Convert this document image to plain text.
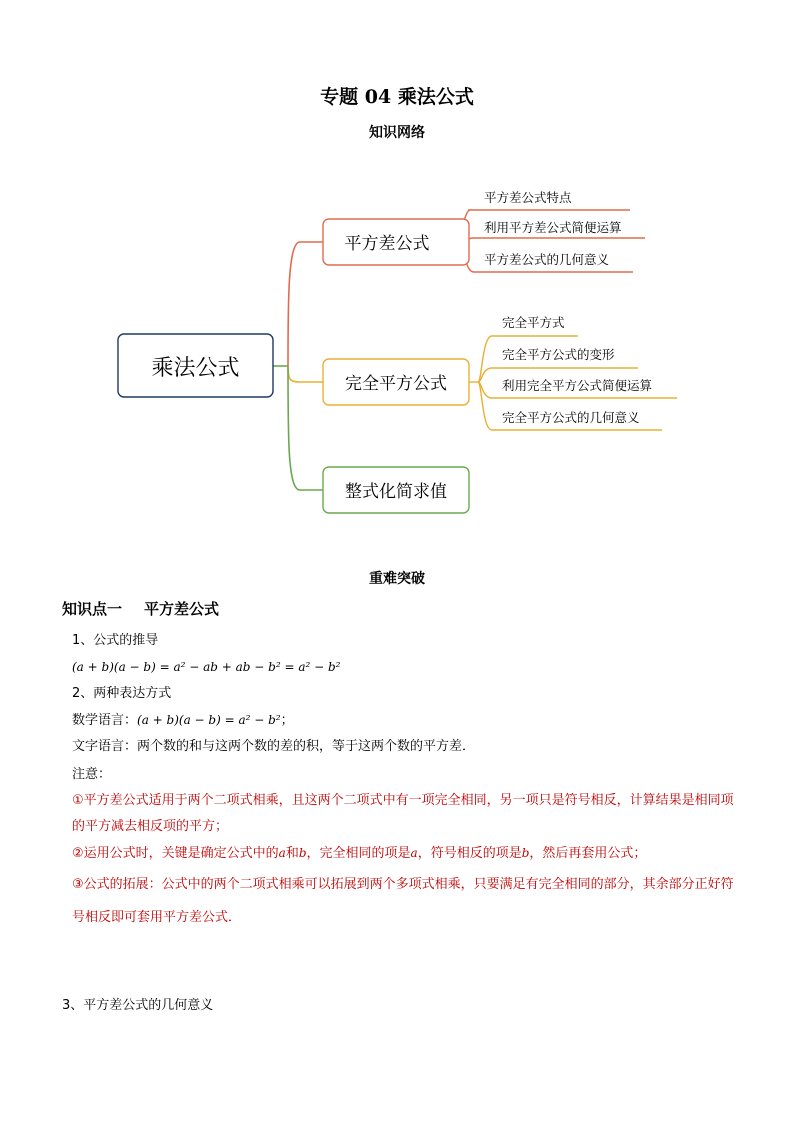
专题 04 乘法公式
知识网络
乘法公式
平方差公式
完全平方公式
整式化简求值
平方差公式特点
利用平方差公式简便运算
平方差公式的几何意义
完全平方式
完全平方公式的变形
利用完全平方公式简便运算
完全平方公式的几何意义
重难突破
知识点一 平方差公式
1、公式的推导
(a + b)(a − b) = a² − ab + ab − b² = a² − b²
2、两种表达方式
数学语言：(a + b)(a − b) = a² − b²；
文字语言：两个数的和与这两个数的差的积，等于这两个数的平方差．
注意：
①平方差公式适用于两个二项式相乘，且这两个二项式中有一项完全相同，另一项只是符号相反，计算结果是相同项的平方减去相反项的平方；
②运用公式时，关键是确定公式中的a和b，完全相同的项是a，符号相反的项是b，然后再套用公式；
③公式的拓展：公式中的两个二项式相乘可以拓展到两个多项式相乘，只要满足有完全相同的部分，其余部分正好符号相反即可套用平方差公式．
3、平方差公式的几何意义
